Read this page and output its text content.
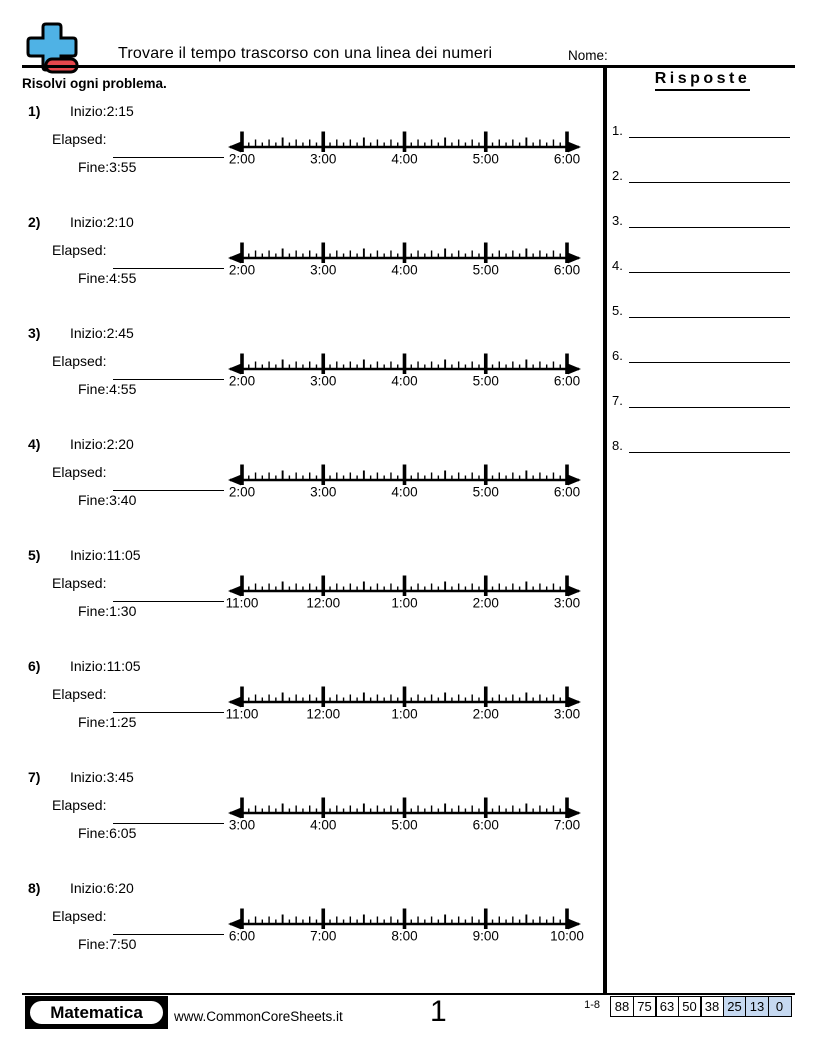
Trovare il tempo trascorso con una linea dei numeri	Nome:
Risolvi ogni problema.	Risposte
1.
2.
3.
4.
5.
6.
7.
8.
1) Inizio:2:15
Elapsed:
Fine:3:55	2:00	3:00	4:00	5:00	6:00
2) Inizio:2:10
Elapsed:
Fine:4:55	2:00	3:00	4:00	5:00	6:00
3) Inizio:2:45
Elapsed:
Fine:4:55	2:00	3:00	4:00	5:00	6:00
4) Inizio:2:20
Elapsed:
Fine:3:40	2:00	3:00	4:00	5:00	6:00
5) Inizio:11:05
Elapsed:
Fine:1:30	11:00	12:00	1:00	2:00	3:00
6) Inizio:11:05
Elapsed:
Fine:1:25	11:00	12:00	1:00	2:00	3:00
7) Inizio:3:45
Elapsed:
Fine:6:05	3:00	4:00	5:00	6:00	7:00
8) Inizio:6:20
Elapsed:
Fine:7:50	6:00	7:00	8:00	9:00	10:00
Matematica www.CommonCoreSheets.it	1	1-8	88 75 63 50 38 25 13 0
